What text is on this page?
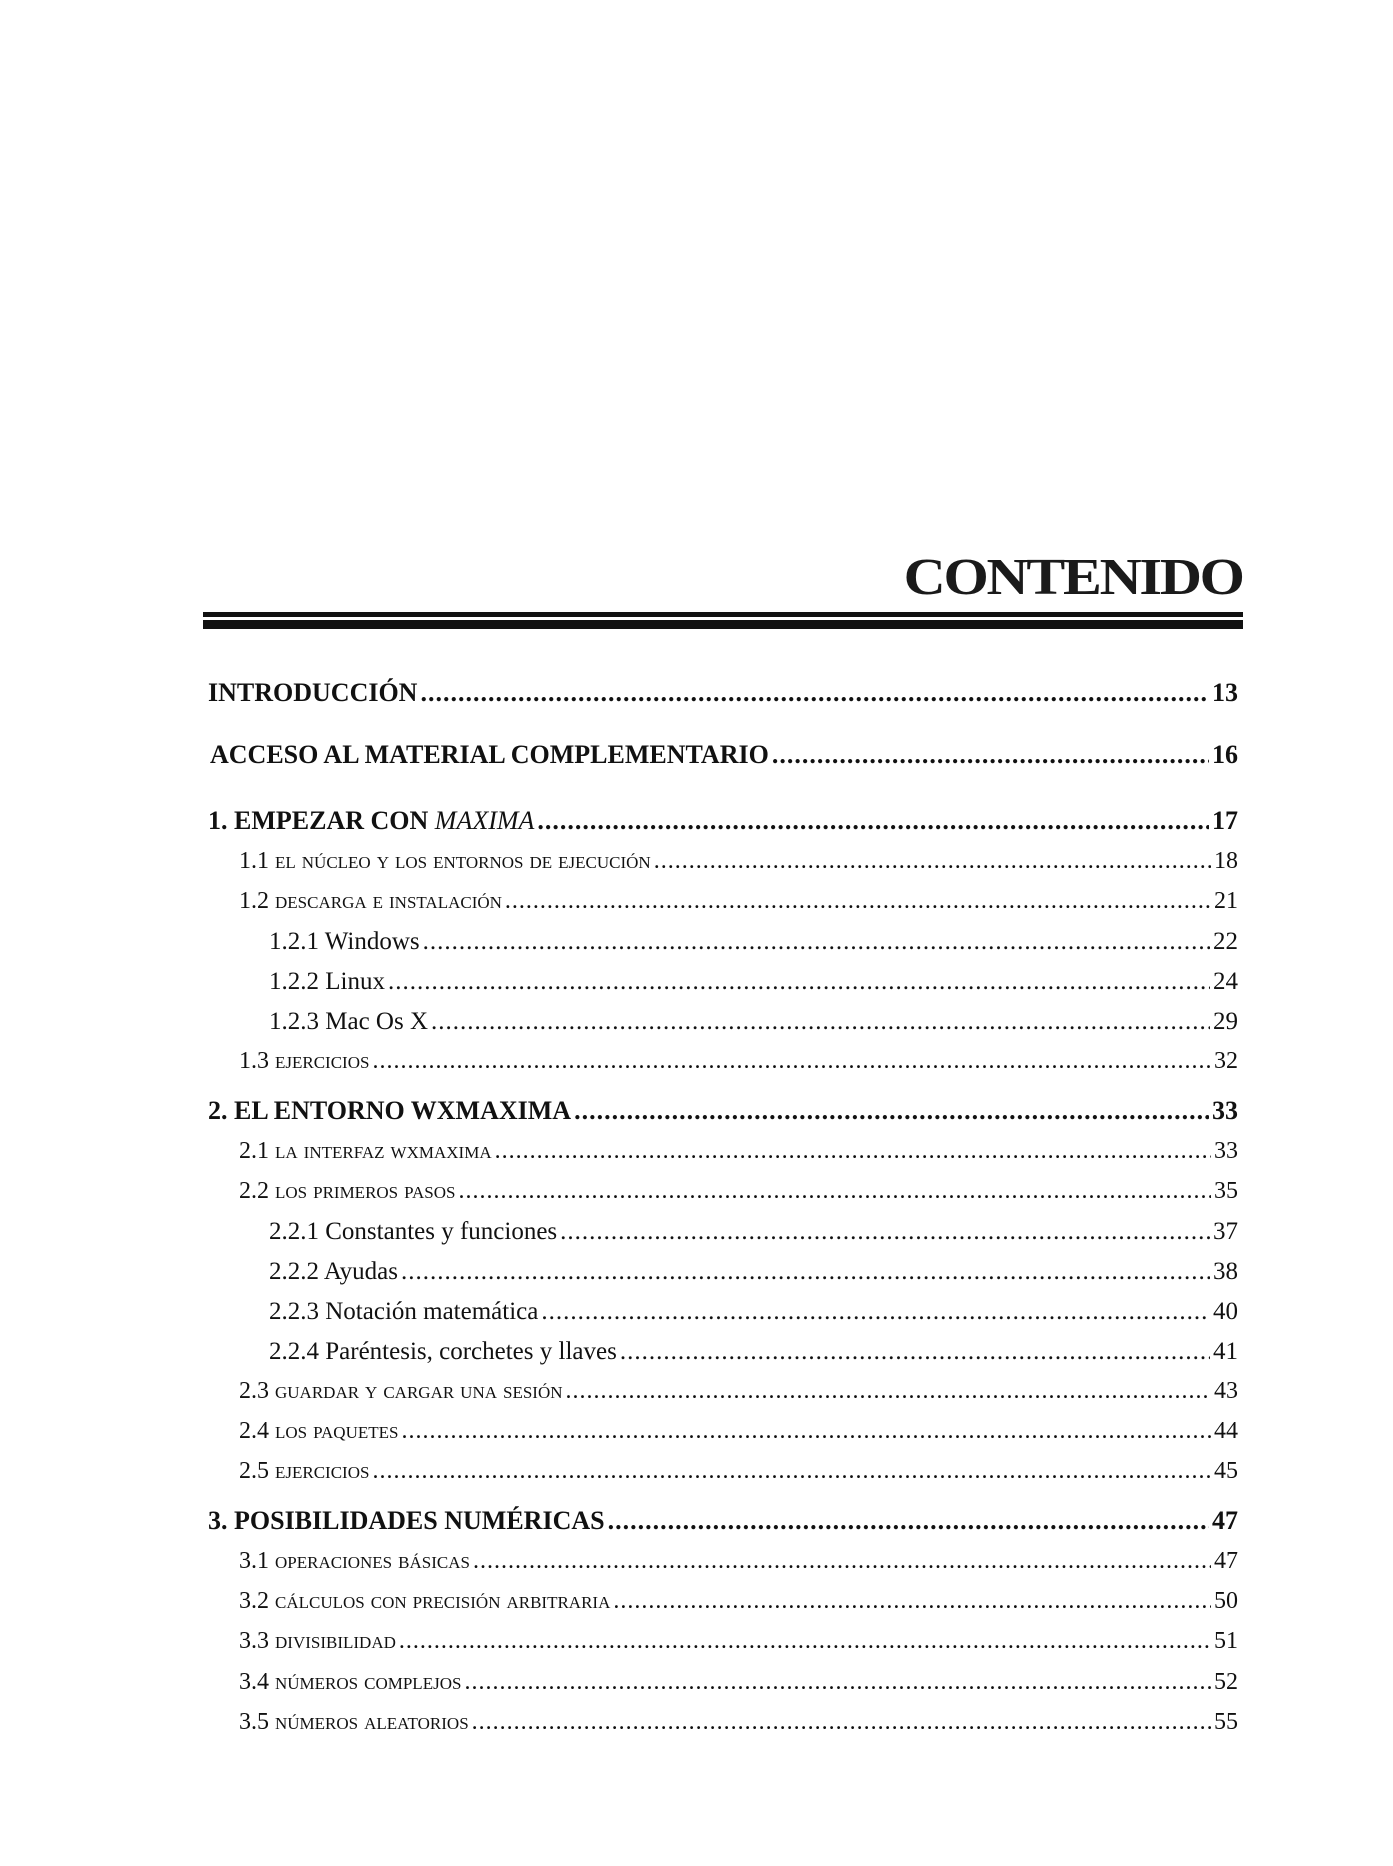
CONTENIDO
INTRODUCCIÓN .....	13
ACCESO AL MATERIAL COMPLEMENTARIO .....	16
1. EMPEZAR CON MAXIMA .....	17
1.1 el núcleo y los entornos de ejecución .....	18
1.2 descarga e instalación .....	21
1.2.1 Windows .....	22
1.2.2 Linux .....	24
1.2.3 Mac Os X .....	29
1.3 ejercicios .....	32
2. EL ENTORNO WXMAXIMA .....	33
2.1 la interfaz wxmaxima .....	33
2.2 los primeros pasos .....	35
2.2.1 Constantes y funciones .....	37
2.2.2 Ayudas .....	38
2.2.3 Notación matemática .....	40
2.2.4 Paréntesis, corchetes y llaves .....	41
2.3 guardar y cargar una sesión .....	43
2.4 los paquetes .....	44
2.5 ejercicios .....	45
3. POSIBILIDADES NUMÉRICAS .....	47
3.1 operaciones básicas .....	47
3.2 cálculos con precisión arbitraria .....	50
3.3 divisibilidad .....	51
3.4 números complejos .....	52
3.5 números aleatorios .....	55
